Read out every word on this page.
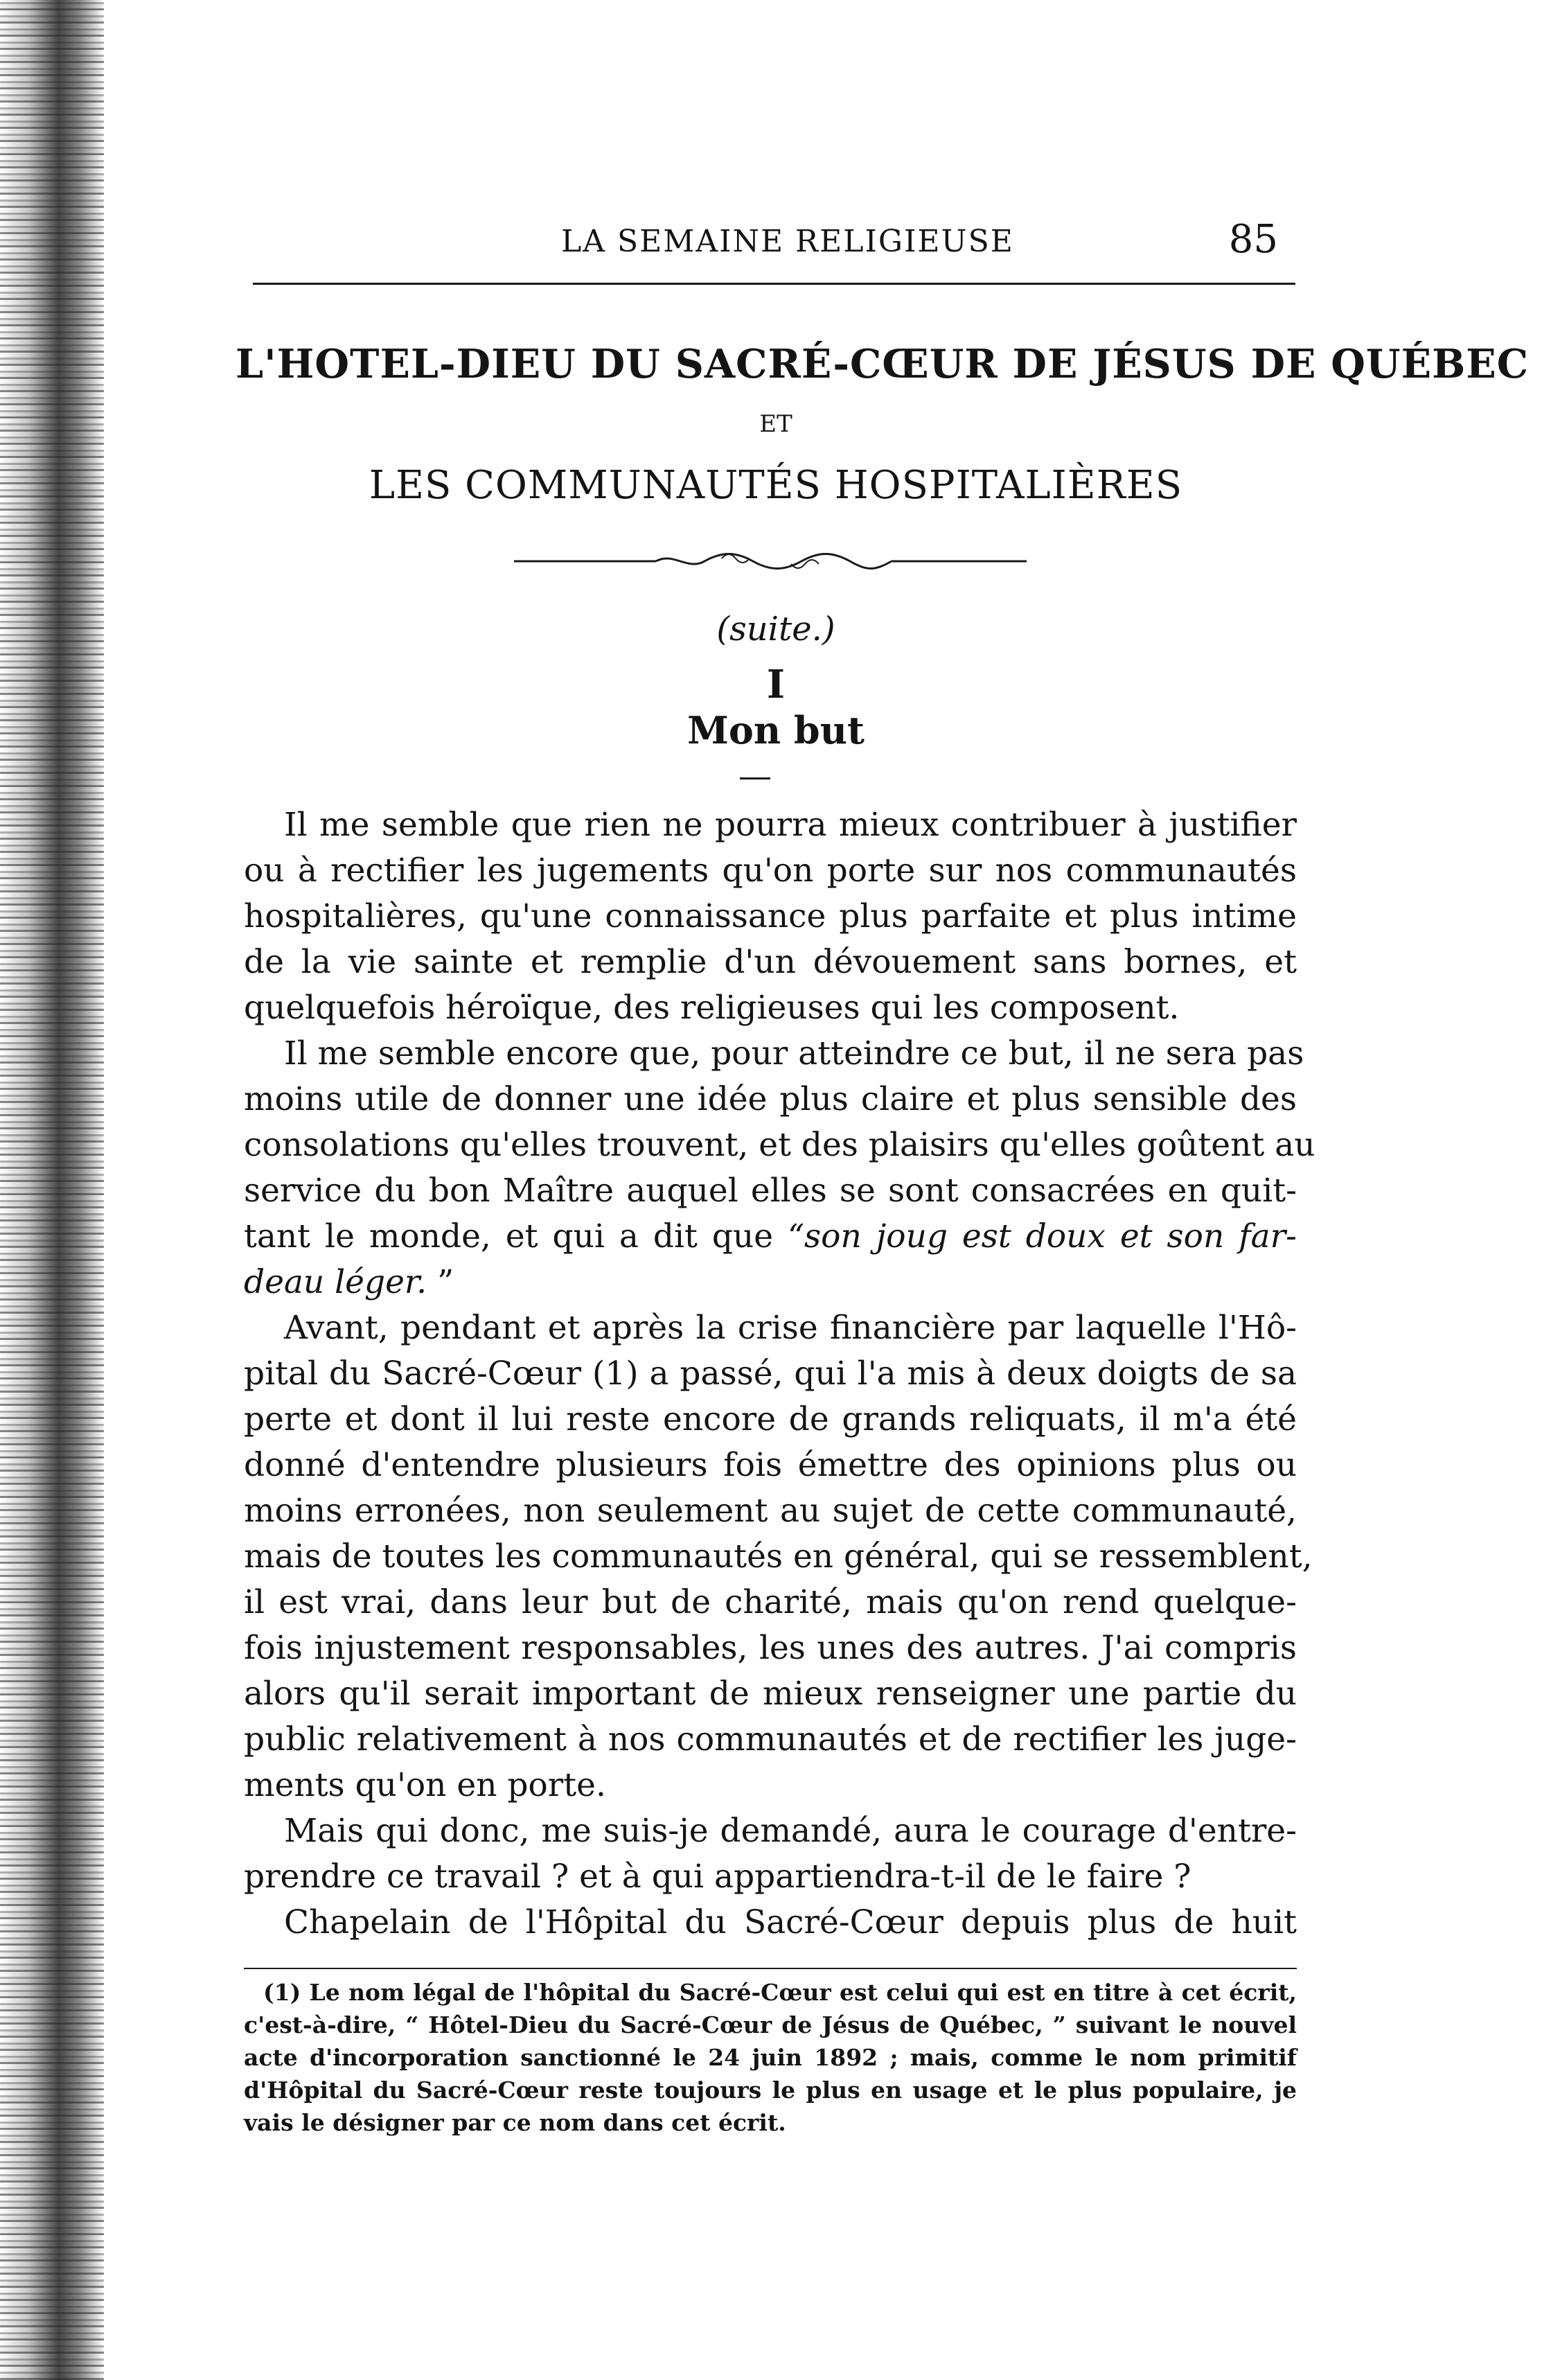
LA SEMAINE RELIGIEUSE	85
L'HOTEL-DIEU DU SACRÉ-CŒUR DE JÉSUS DE QUÉBEC
ET
LES COMMUNAUTÉS HOSPITALIÈRES
(suite.)
I
Mon but

Il me semble que rien ne pourra mieux contribuer à justifier

ou à rectifier les jugements qu'on porte sur nos communautés

hospitalières, qu'une connaissance plus parfaite et plus intime

de la vie sainte et remplie d'un dévouement sans bornes, et

quelquefois héroïque, des religieuses qui les composent.

Il me semble encore que, pour atteindre ce but, il ne sera pas

moins utile de donner une idée plus claire et plus sensible des

consolations qu'elles trouvent, et des plaisirs qu'elles goûtent au

service du bon Maître auquel elles se sont consacrées en quit-

tant le monde, et qui a dit que “son joug est doux et son far-

deau léger. ”

Avant, pendant et après la crise financière par laquelle l'Hô-

pital du Sacré-Cœur (1) a passé, qui l'a mis à deux doigts de sa

perte et dont il lui reste encore de grands reliquats, il m'a été

donné d'entendre plusieurs fois émettre des opinions plus ou

moins erronées, non seulement au sujet de cette communauté,

mais de toutes les communautés en général, qui se ressemblent,

il est vrai, dans leur but de charité, mais qu'on rend quelque-

fois injustement responsables, les unes des autres. J'ai compris

alors qu'il serait important de mieux renseigner une partie du

public relativement à nos communautés et de rectifier les juge-

ments qu'on en porte.

Mais qui donc, me suis-je demandé, aura le courage d'entre-

prendre ce travail ? et à qui appartiendra-t-il de le faire ?

Chapelain de l'Hôpital du Sacré-Cœur depuis plus de huit

(1) Le nom légal de l'hôpital du Sacré-Cœur est celui qui est en titre à cet écrit,

c'est-à-dire, “ Hôtel-Dieu du Sacré-Cœur de Jésus de Québec, ” suivant le nouvel

acte d'incorporation sanctionné le 24 juin 1892 ; mais, comme le nom primitif

d'Hôpital du Sacré-Cœur reste toujours le plus en usage et le plus populaire, je

vais le désigner par ce nom dans cet écrit.
